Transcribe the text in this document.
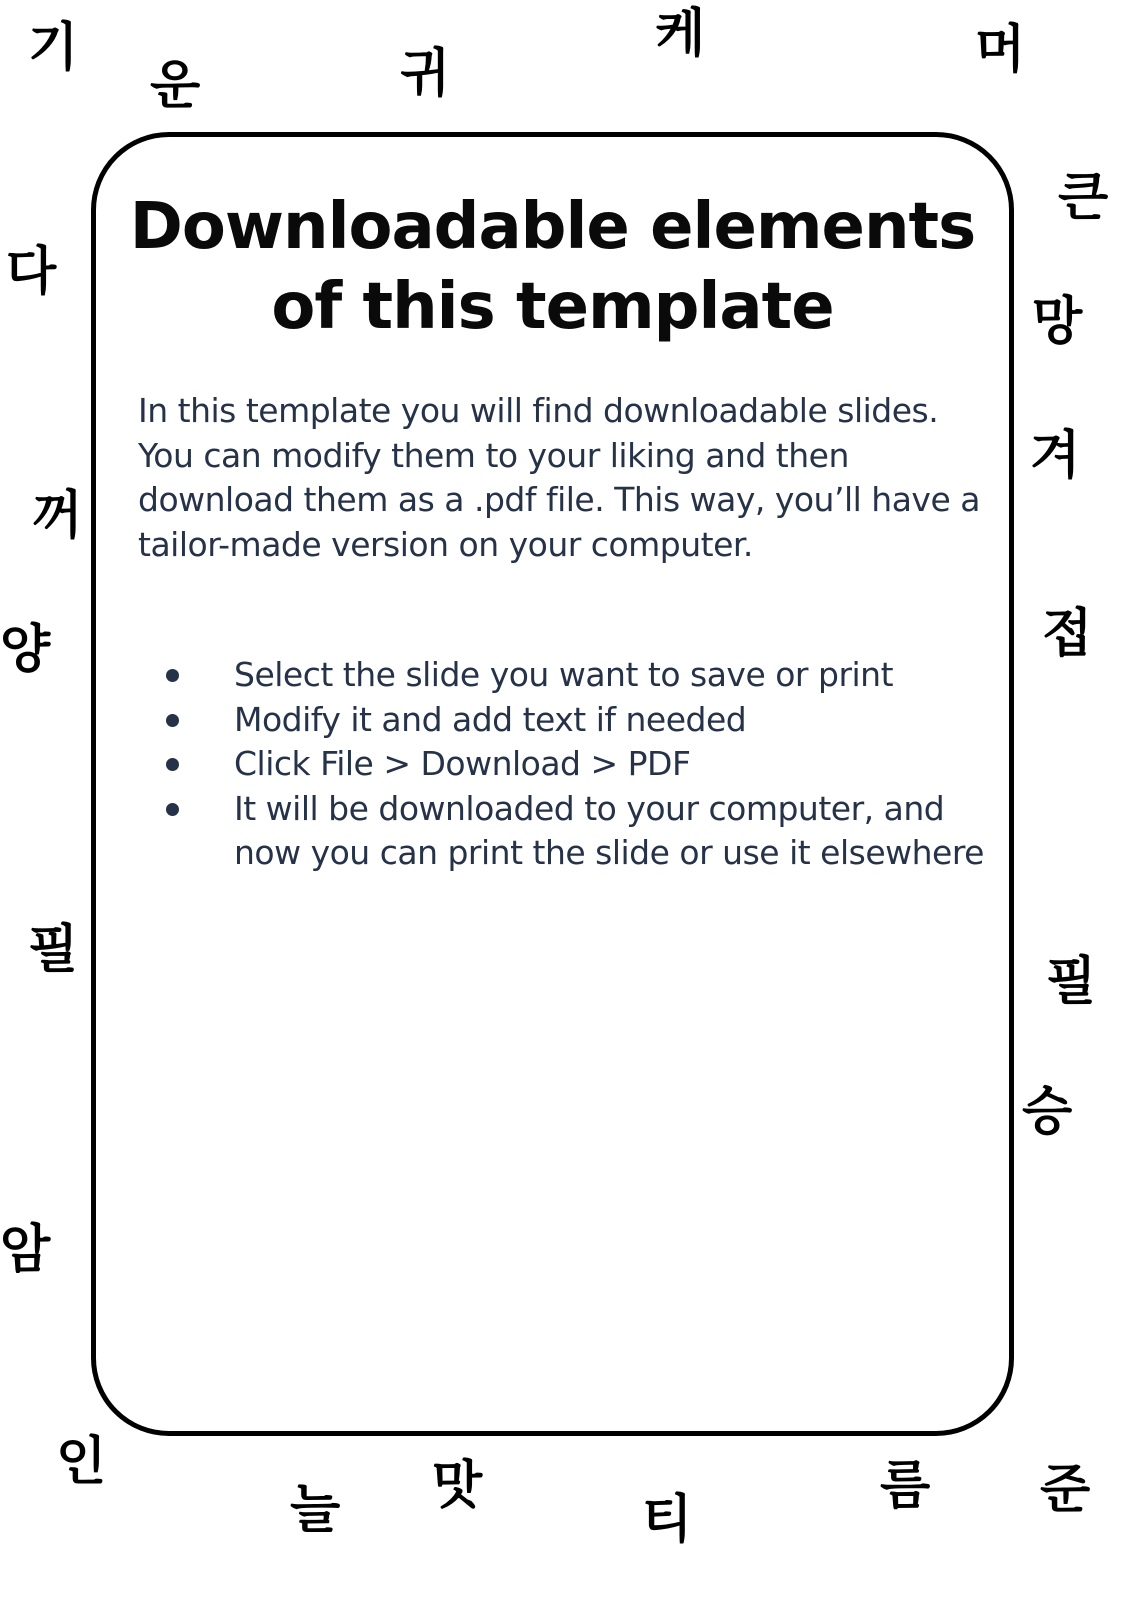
기
운	귀
케	머
다
큰
망
꺼
겨
양	접
필
필
승
암
인
늘 맛
티
름 준
Downloadable elements of this template

In this template you will find downloadable slides. You can modify them to your liking and then download them as a .pdf file. This way, you’ll have a tailor-made version on your computer.

Select the slide you want to save or print
Modify it and add text if needed
Click File > Download > PDF
It will be downloaded to your computer, and now you can print the slide or use it elsewhere
